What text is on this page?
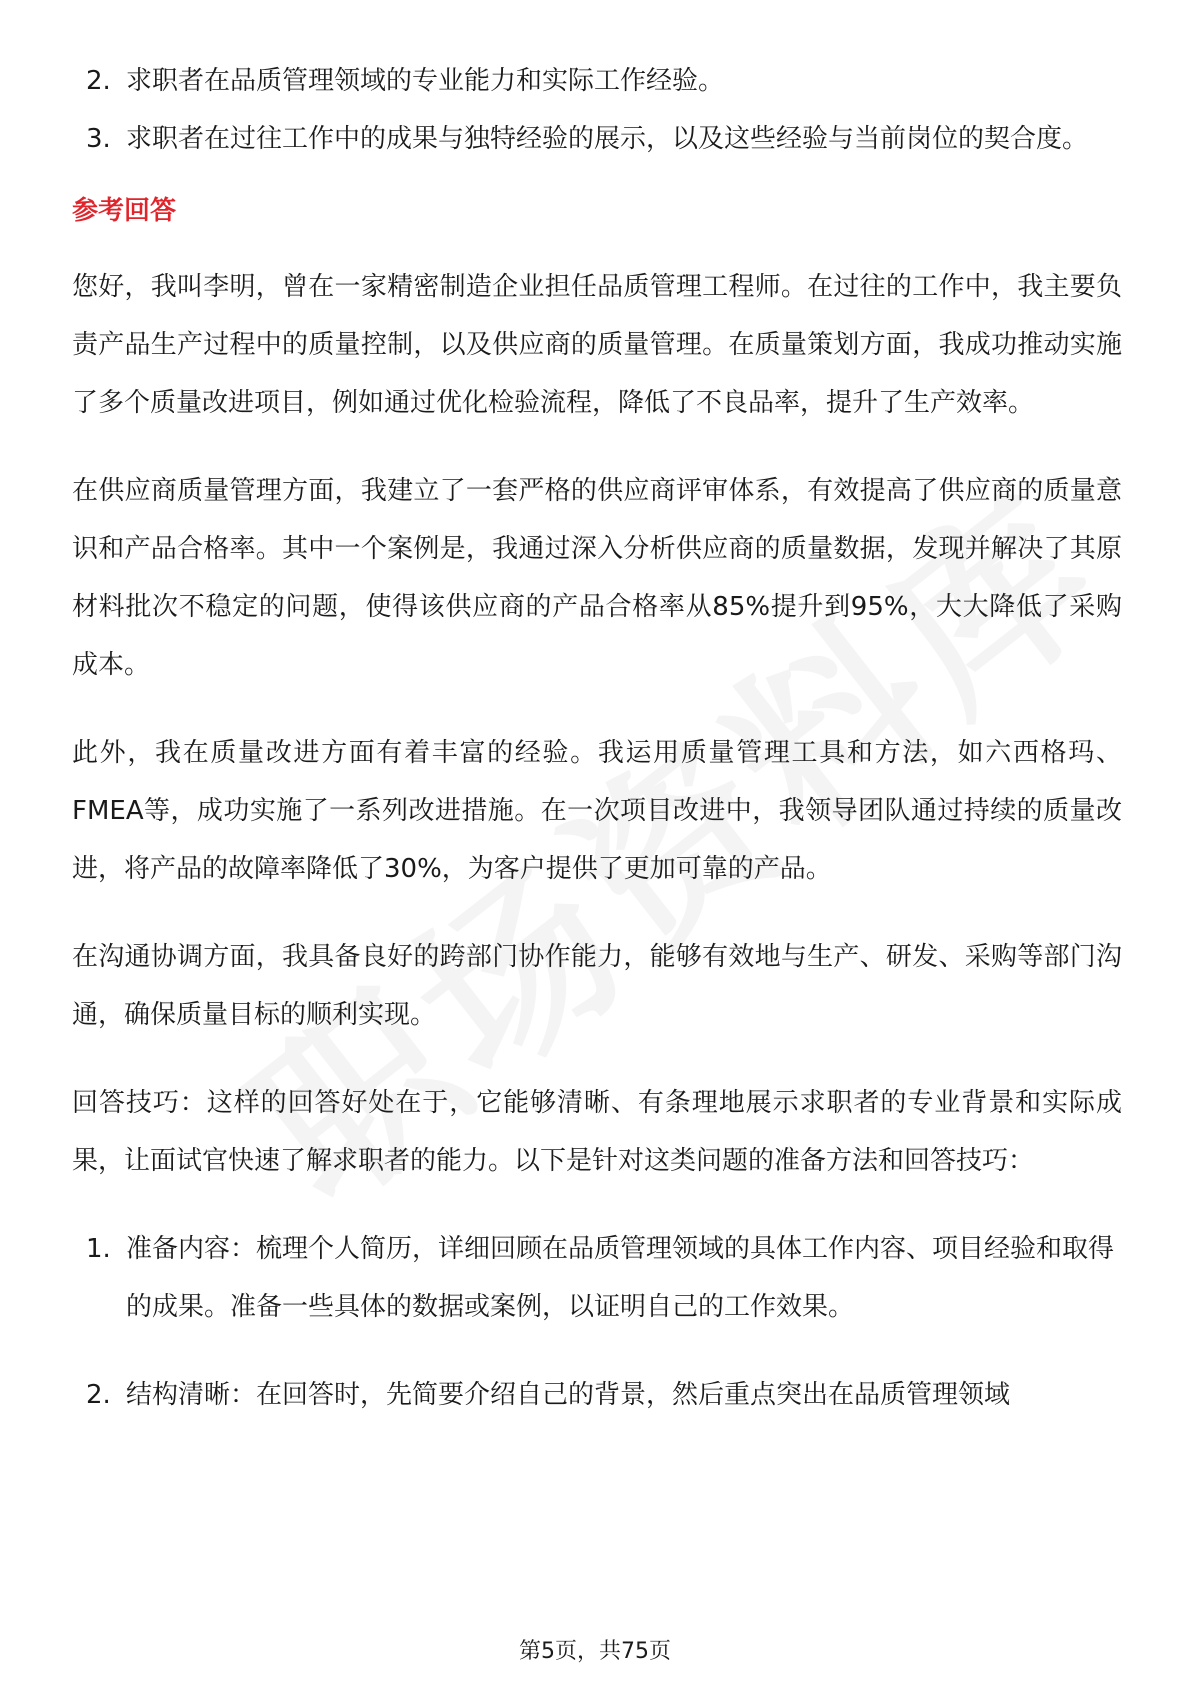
2. 求职者在品质管理领域的专业能力和实际工作经验。
3. 求职者在过往工作中的成果与独特经验的展示，以及这些经验与当前岗位的契合度。
参考回答

您好，我叫李明，曾在一家精密制造企业担任品质管理工程师。在过往的工作中，我主要负责产品生产过程中的质量控制，以及供应商的质量管理。在质量策划方面，我成功推动实施了多个质量改进项目，例如通过优化检验流程，降低了不良品率，提升了生产效率。

在供应商质量管理方面，我建立了一套严格的供应商评审体系，有效提高了供应商的质量意识和产品合格率。其中一个案例是，我通过深入分析供应商的质量数据，发现并解决了其原材料批次不稳定的问题，使得该供应商的产品合格率从85%提升到95%，大大降低了采购成本。

此外，我在质量改进方面有着丰富的经验。我运用质量管理工具和方法，如六西格玛、FMEA等，成功实施了一系列改进措施。在一次项目改进中，我领导团队通过持续的质量改进，将产品的故障率降低了30%，为客户提供了更加可靠的产品。

在沟通协调方面，我具备良好的跨部门协作能力，能够有效地与生产、研发、采购等部门沟通，确保质量目标的顺利实现。

回答技巧：这样的回答好处在于，它能够清晰、有条理地展示求职者的专业背景和实际成果，让面试官快速了解求职者的能力。以下是针对这类问题的准备方法和回答技巧：

1. 准备内容：梳理个人简历，详细回顾在品质管理领域的具体工作内容、项目经验和取得的成果。准备一些具体的数据或案例，以证明自己的工作效果。
2. 结构清晰：在回答时，先简要介绍自己的背景，然后重点突出在品质管理领域
第5页，共75页
